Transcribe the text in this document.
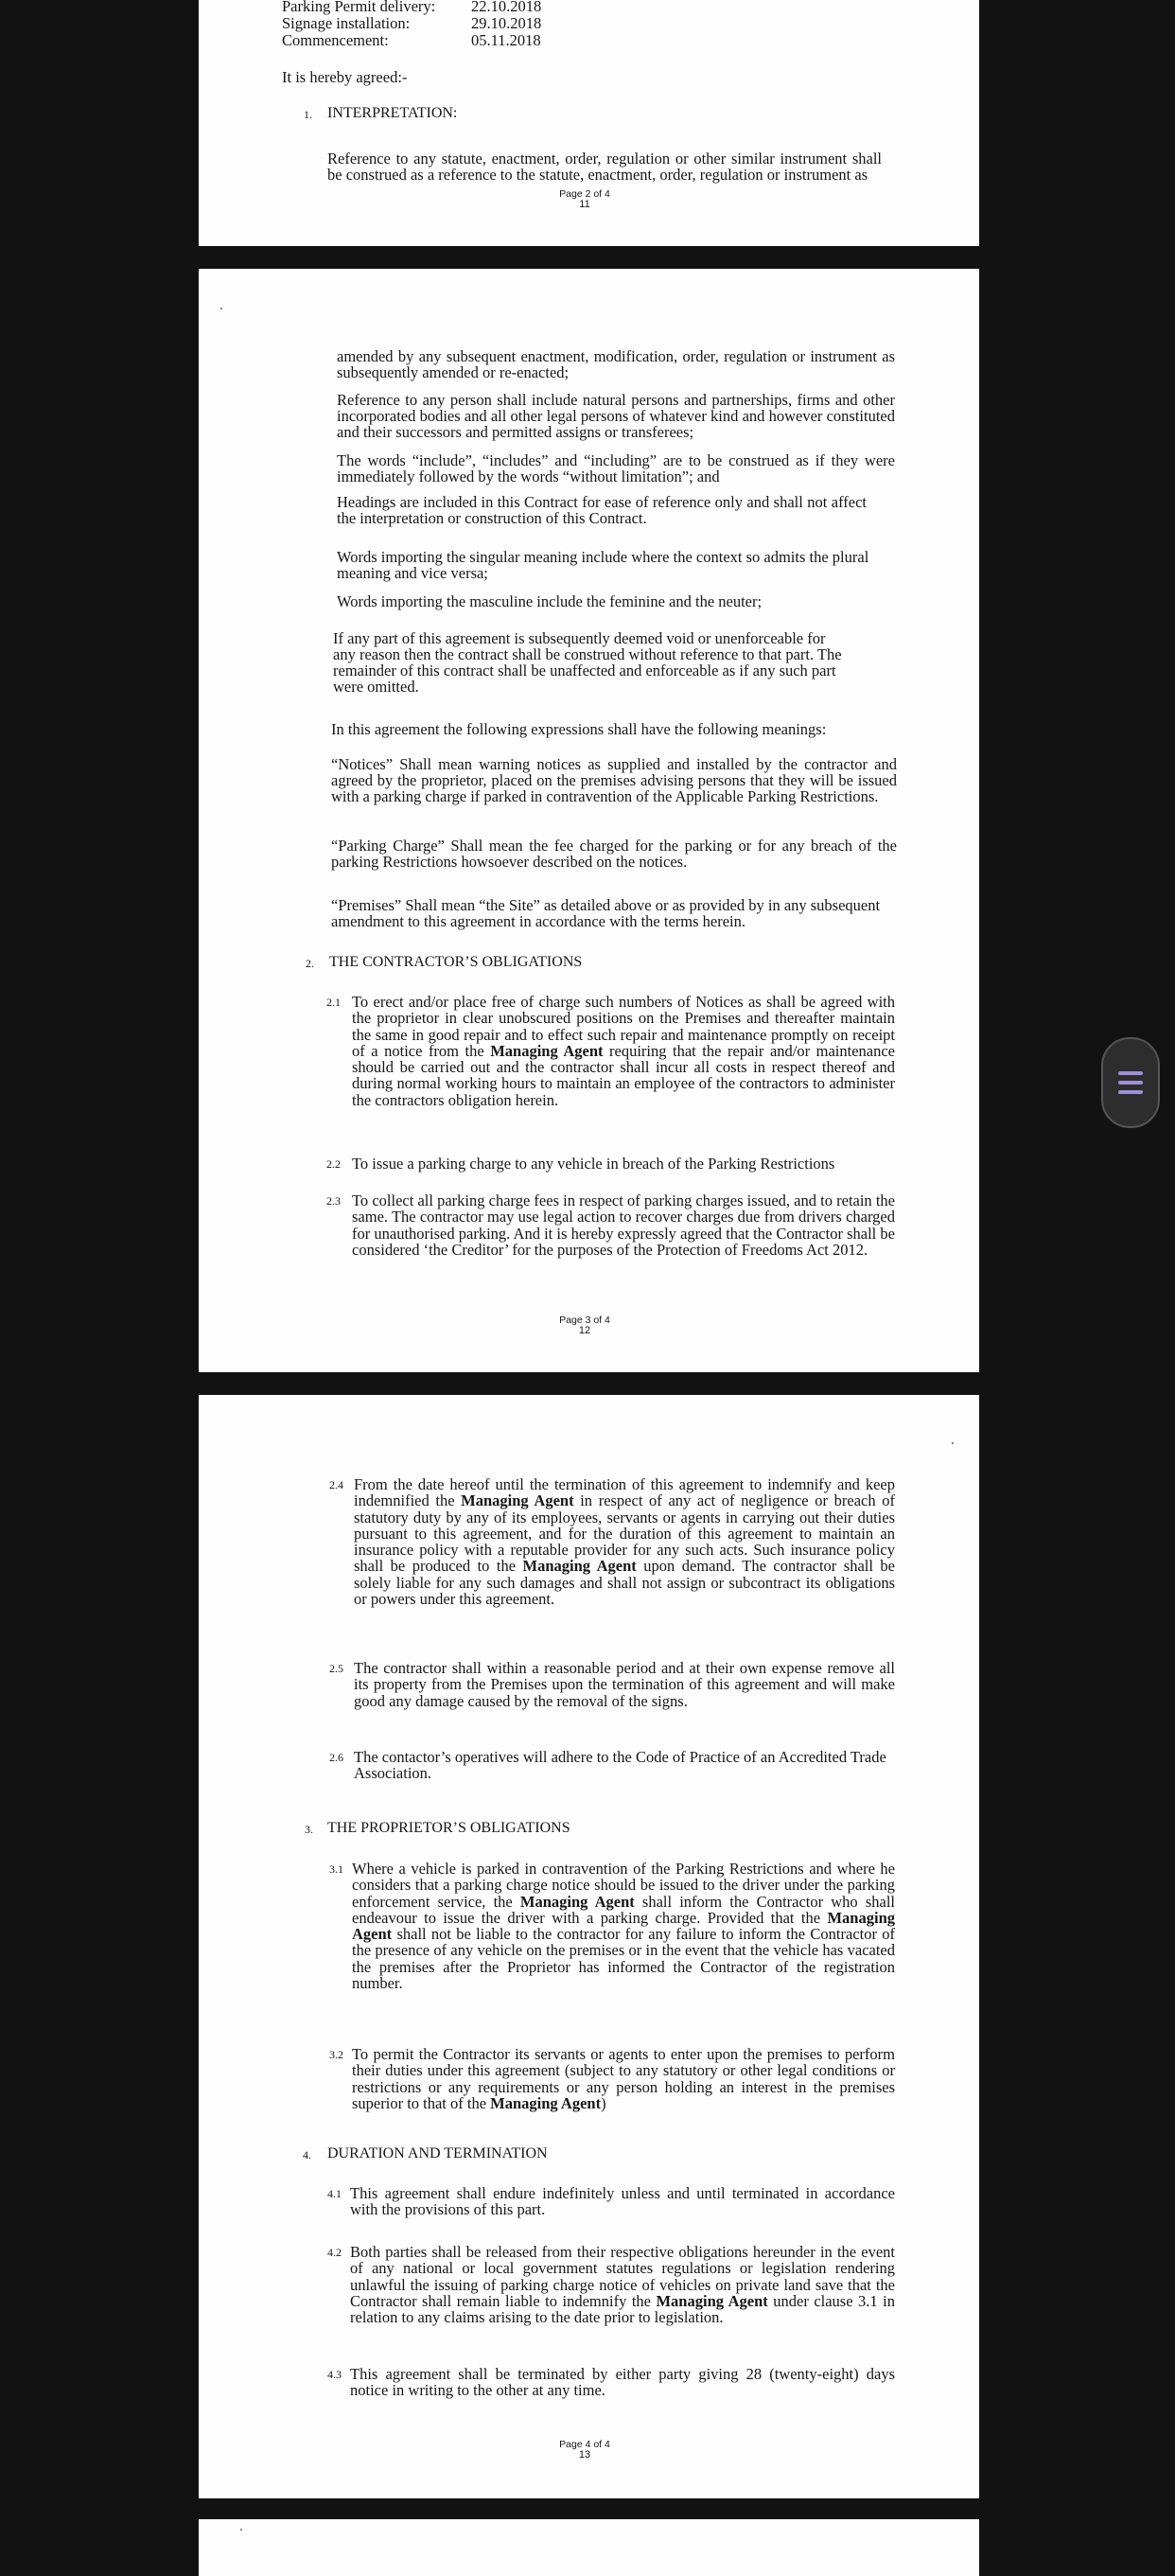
Parking Permit delivery:	22.10.2018
Signage installation:	29.10.2018
Commencement:	05.11.2018

It is hereby agreed:-

1. INTERPRETATION:

Reference to any statute, enactment, order, regulation or other similar instrument shall be construed as a reference to the statute, enactment, order, regulation or instrument as

Page 2 of 4
11

amended by any subsequent enactment, modification, order, regulation or instrument as subsequently amended or re-enacted;

Reference to any person shall include natural persons and partnerships, firms and other incorporated bodies and all other legal persons of whatever kind and however constituted and their successors and permitted assigns or transferees;

The words “include”, “includes” and “including” are to be construed as if they were immediately followed by the words “without limitation”; and

Headings are included in this Contract for ease of reference only and shall not affect the interpretation or construction of this Contract.

Words importing the singular meaning include where the context so admits the plural meaning and vice versa;

Words importing the masculine include the feminine and the neuter;

If any part of this agreement is subsequently deemed void or unenforceable for any reason then the contract shall be construed without reference to that part. The remainder of this contract shall be unaffected and enforceable as if any such part were omitted.

In this agreement the following expressions shall have the following meanings:

“Notices” Shall mean warning notices as supplied and installed by the contractor and agreed by the proprietor, placed on the premises advising persons that they will be issued with a parking charge if parked in contravention of the Applicable Parking Restrictions.

“Parking Charge” Shall mean the fee charged for the parking or for any breach of the parking Restrictions howsoever described on the notices.

“Premises” Shall mean “the Site” as detailed above or as provided by in any subsequent amendment to this agreement in accordance with the terms herein.

2. THE CONTRACTOR’S OBLIGATIONS

2.1 To erect and/or place free of charge such numbers of Notices as shall be agreed with the proprietor in clear unobscured positions on the Premises and thereafter maintain the same in good repair and to effect such repair and maintenance promptly on receipt of a notice from the Managing Agent requiring that the repair and/or maintenance should be carried out and the contractor shall incur all costs in respect thereof and during normal working hours to maintain an employee of the contractors to administer the contractors obligation herein.

2.2 To issue a parking charge to any vehicle in breach of the Parking Restrictions

2.3 To collect all parking charge fees in respect of parking charges issued, and to retain the same. The contractor may use legal action to recover charges due from drivers charged for unauthorised parking. And it is hereby expressly agreed that the Contractor shall be considered ‘the Creditor’ for the purposes of the Protection of Freedoms Act 2012.

Page 3 of 4
12
2.4 From the date hereof until the termination of this agreement to indemnify and keep indemnified the Managing Agent in respect of any act of negligence or breach of statutory duty by any of its employees, servants or agents in carrying out their duties pursuant to this agreement, and for the duration of this agreement to maintain an insurance policy with a reputable provider for any such acts. Such insurance policy shall be produced to the Managing Agent upon demand. The contractor shall be solely liable for any such damages and shall not assign or subcontract its obligations or powers under this agreement.

2.5 The contractor shall within a reasonable period and at their own expense remove all its property from the Premises upon the termination of this agreement and will make good any damage caused by the removal of the signs.

2.6 The contactor’s operatives will adhere to the Code of Practice of an Accredited Trade Association.

3. THE PROPRIETOR’S OBLIGATIONS

3.1 Where a vehicle is parked in contravention of the Parking Restrictions and where he considers that a parking charge notice should be issued to the driver under the parking enforcement service, the Managing Agent shall inform the Contractor who shall endeavour to issue the driver with a parking charge. Provided that the Managing Agent shall not be liable to the contractor for any failure to inform the Contractor of the presence of any vehicle on the premises or in the event that the vehicle has vacated the premises after the Proprietor has informed the Contractor of the registration number.

3.2 To permit the Contractor its servants or agents to enter upon the premises to perform their duties under this agreement (subject to any statutory or other legal conditions or restrictions or any requirements or any person holding an interest in the premises superior to that of the Managing Agent)

4. DURATION AND TERMINATION

4.1 This agreement shall endure indefinitely unless and until terminated in accordance with the provisions of this part.

4.2 Both parties shall be released from their respective obligations hereunder in the event of any national or local government statutes regulations or legislation rendering unlawful the issuing of parking charge notice of vehicles on private land save that the Contractor shall remain liable to indemnify the Managing Agent under clause 3.1 in relation to any claims arising to the date prior to legislation.

4.3 This agreement shall be terminated by either party giving 28 (twenty-eight) days notice in writing to the other at any time.

Page 4 of 4
13
